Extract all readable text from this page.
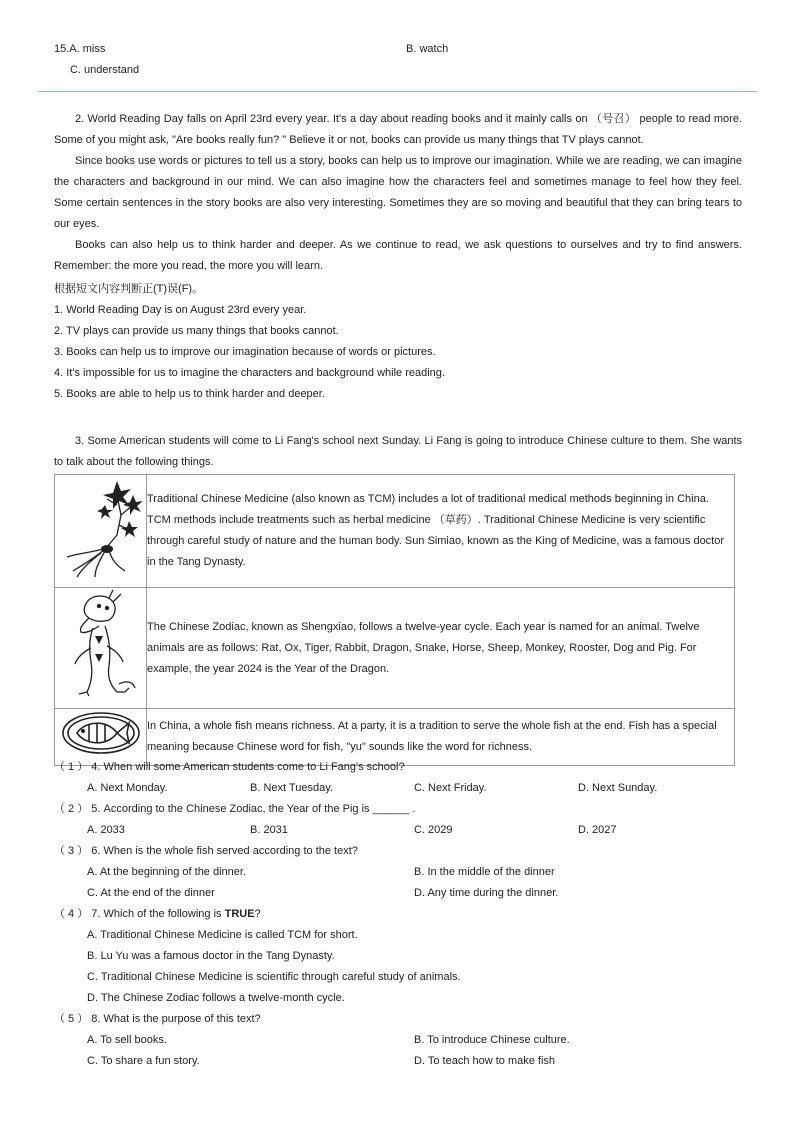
15.A. miss	B. watch
C. understand

2. World Reading Day falls on April 23rd every year. It's a day about reading books and it mainly calls on （号召） people to read more. Some of you might ask, "Are books really fun? " Believe it or not, books can provide us many things that TV plays cannot.

Since books use words or pictures to tell us a story, books can help us to improve our imagination. While we are reading, we can imagine the characters and background in our mind. We can also imagine how the characters feel and sometimes manage to feel how they feel. Some certain sentences in the story books are also very interesting. Sometimes they are so moving and beautiful that they can bring tears to our eyes.

Books can also help us to think harder and deeper. As we continue to read, we ask questions to ourselves and try to find answers. Remember: the more you read, the more you will learn.

根据短文内容判断正(T)误(F)。
1. World Reading Day is on August 23rd every year.
2. TV plays can provide us many things that books cannot.
3. Books can help us to improve our imagination because of words or pictures.
4. It's impossible for us to imagine the characters and background while reading.
5. Books are able to help us to think harder and deeper.

3. Some American students will come to Li Fang's school next Sunday. Li Fang is going to introduce Chinese culture to them. She wants to talk about the following things.

	Traditional Chinese Medicine (also known as TCM) includes a lot of traditional medical methods beginning in China. TCM methods include treatments such as herbal medicine （草药）. Traditional Chinese Medicine is very scientific through careful study of nature and the human body. Sun Simiao, known as the King of Medicine, was a famous doctor in the Tang Dynasty.
	The Chinese Zodiac, known as Shengxiao, follows a twelve-year cycle. Each year is named for an animal. Twelve animals are as follows: Rat, Ox, Tiger, Rabbit, Dragon, Snake, Horse, Sheep, Monkey, Rooster, Dog and Pig. For example, the year 2024 is the Year of the Dragon.
	In China, a whole fish means richness. At a party, it is a tradition to serve the whole fish at the end. Fish has a special meaning because Chinese word for fish, "yu" sounds like the word for richness.
（ 1 ） 4. When will some American students come to Li Fang's school?
A. Next Monday.	B. Next Tuesday.	C. Next Friday.	D. Next Sunday.
（ 2 ） 5. According to the Chinese Zodiac, the Year of the Pig is ______ .
A. 2033	B. 2031	C. 2029	D. 2027
（ 3 ） 6. When is the whole fish served according to the text?
A. At the beginning of the dinner.	B. In the middle of the dinner
C. At the end of the dinner	D. Any time during the dinner.
（ 4 ） 7. Which of the following is TRUE?
A. Traditional Chinese Medicine is called TCM for short.
B. Lu Yu was a famous doctor in the Tang Dynasty.
C. Traditional Chinese Medicine is scientific through careful study of animals.
D. The Chinese Zodiac follows a twelve-month cycle.
（ 5 ） 8. What is the purpose of this text?
A. To sell books.	B. To introduce Chinese culture.
C. To share a fun story.	D. To teach how to make fish
